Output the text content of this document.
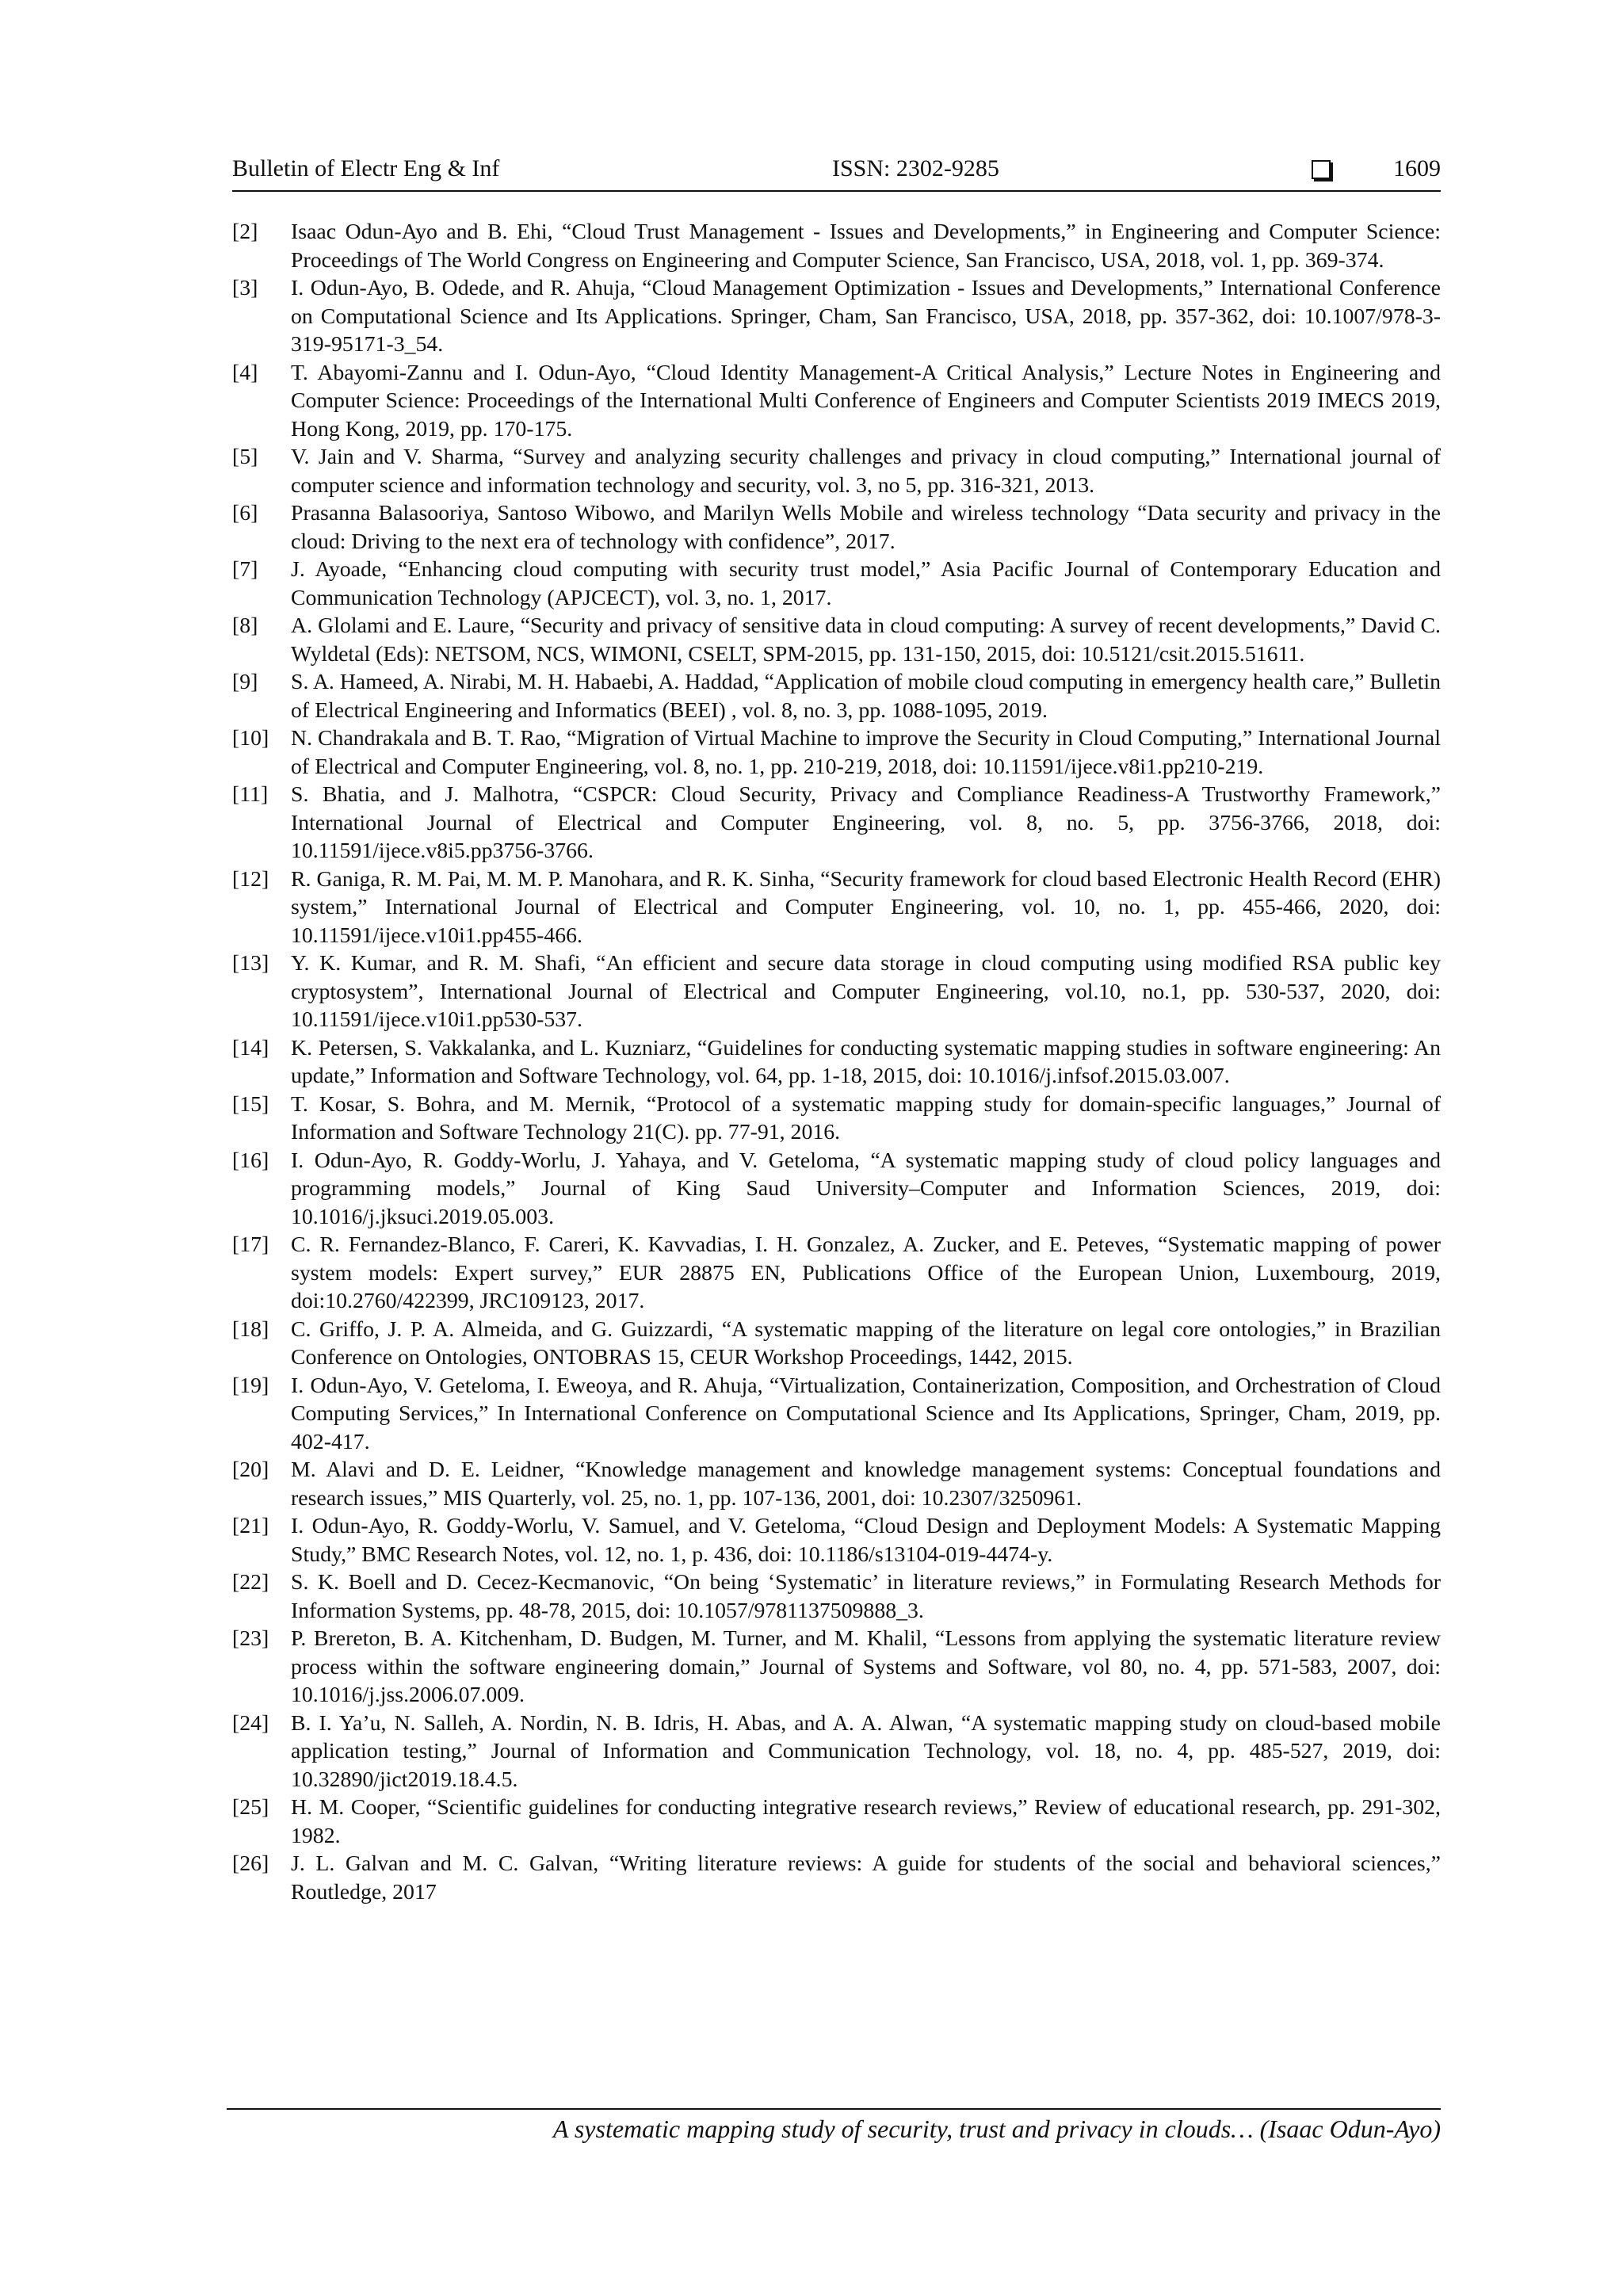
Bulletin of Electr Eng & Inf	ISSN: 2302-9285	1609
[2]	Isaac Odun-Ayo and B. Ehi, “Cloud Trust Management - Issues and Developments,” in Engineering and Computer Science: Proceedings of The World Congress on Engineering and Computer Science, San Francisco, USA, 2018, vol. 1, pp. 369-374.
[3]	I. Odun-Ayo, B. Odede, and R. Ahuja, “Cloud Management Optimization - Issues and Developments,” International Conference on Computational Science and Its Applications. Springer, Cham, San Francisco, USA, 2018, pp. 357-362, doi: 10.1007/978-3-319-95171-3_54.
[4]	T. Abayomi-Zannu and I. Odun-Ayo, “Cloud Identity Management-A Critical Analysis,” Lecture Notes in Engineering and Computer Science: Proceedings of the International Multi Conference of Engineers and Computer Scientists 2019 IMECS 2019, Hong Kong, 2019, pp. 170-175.
[5]	V. Jain and V. Sharma, “Survey and analyzing security challenges and privacy in cloud computing,” International journal of computer science and information technology and security, vol. 3, no 5, pp. 316-321, 2013.
[6]	Prasanna Balasooriya, Santoso Wibowo, and Marilyn Wells Mobile and wireless technology “Data security and privacy in the cloud: Driving to the next era of technology with confidence”, 2017.
[7]	J. Ayoade, “Enhancing cloud computing with security trust model,” Asia Pacific Journal of Contemporary Education and Communication Technology (APJCECT), vol. 3, no. 1, 2017.
[8]	A. Glolami and E. Laure, “Security and privacy of sensitive data in cloud computing: A survey of recent developments,” David C. Wyldetal (Eds): NETSOM, NCS, WIMONI, CSELT, SPM-2015, pp. 131-150, 2015, doi: 10.5121/csit.2015.51611.
[9]	S. A. Hameed, A. Nirabi, M. H. Habaebi, A. Haddad, “Application of mobile cloud computing in emergency health care,” Bulletin of Electrical Engineering and Informatics (BEEI) , vol. 8, no. 3, pp. 1088-1095, 2019.
[10] N. Chandrakala and B. T. Rao, “Migration of Virtual Machine to improve the Security in Cloud Computing,” International Journal of Electrical and Computer Engineering, vol. 8, no. 1, pp. 210-219, 2018, doi: 10.11591/ijece.v8i1.pp210-219.
[11]	S. Bhatia, and J. Malhotra, “CSPCR: Cloud Security, Privacy and Compliance Readiness-A Trustworthy Framework,” International Journal of Electrical and Computer Engineering, vol. 8, no. 5, pp. 3756-3766, 2018, doi: 10.11591/ijece.v8i5.pp3756-3766.
[12] R. Ganiga, R. M. Pai, M. M. P. Manohara, and R. K. Sinha, “Security framework for cloud based Electronic Health Record (EHR) system,” International Journal of Electrical and Computer Engineering, vol. 10, no. 1, pp. 455-466, 2020, doi: 10.11591/ijece.v10i1.pp455-466.
[13] Y. K. Kumar, and R. M. Shafi, “An efficient and secure data storage in cloud computing using modified RSA public key cryptosystem”, International Journal of Electrical and Computer Engineering, vol.10, no.1, pp. 530-537, 2020, doi: 10.11591/ijece.v10i1.pp530-537.
[14] K. Petersen, S. Vakkalanka, and L. Kuzniarz, “Guidelines for conducting systematic mapping studies in software engineering: An update,” Information and Software Technology, vol. 64, pp. 1-18, 2015, doi: 10.1016/j.infsof.2015.03.007.
[15] T. Kosar, S. Bohra, and M. Mernik, “Protocol of a systematic mapping study for domain-specific languages,” Journal of Information and Software Technology 21(C). pp. 77-91, 2016.
[16] I. Odun-Ayo, R. Goddy-Worlu, J. Yahaya, and V. Geteloma, “A systematic mapping study of cloud policy languages and programming models,” Journal of King Saud University–Computer and Information Sciences, 2019, doi: 10.1016/j.jksuci.2019.05.003.
[17] C. R. Fernandez-Blanco, F. Careri, K. Kavvadias, I. H. Gonzalez, A. Zucker, and E. Peteves, “Systematic mapping of power system models: Expert survey,” EUR 28875 EN, Publications Office of the European Union, Luxembourg, 2019, doi:10.2760/422399, JRC109123, 2017.
[18] C. Griffo, J. P. A. Almeida, and G. Guizzardi, “A systematic mapping of the literature on legal core ontologies,” in Brazilian Conference on Ontologies, ONTOBRAS 15, CEUR Workshop Proceedings, 1442, 2015.
[19] I. Odun-Ayo, V. Geteloma, I. Eweoya, and R. Ahuja, “Virtualization, Containerization, Composition, and Orchestration of Cloud Computing Services,” In International Conference on Computational Science and Its Applications, Springer, Cham, 2019, pp. 402-417.
[20] M. Alavi and D. E. Leidner, “Knowledge management and knowledge management systems: Conceptual foundations and research issues,” MIS Quarterly, vol. 25, no. 1, pp. 107-136, 2001, doi: 10.2307/3250961.
[21] I. Odun-Ayo, R. Goddy-Worlu, V. Samuel, and V. Geteloma, “Cloud Design and Deployment Models: A Systematic Mapping Study,” BMC Research Notes, vol. 12, no. 1, p. 436, doi: 10.1186/s13104-019-4474-y.
[22] S. K. Boell and D. Cecez-Kecmanovic, “On being ‘Systematic’ in literature reviews,” in Formulating Research Methods for Information Systems, pp. 48-78, 2015, doi: 10.1057/9781137509888_3.
[23] P. Brereton, B. A. Kitchenham, D. Budgen, M. Turner, and M. Khalil, “Lessons from applying the systematic literature review process within the software engineering domain,” Journal of Systems and Software, vol 80, no. 4, pp. 571-583, 2007, doi: 10.1016/j.jss.2006.07.009.
[24] B. I. Ya’u, N. Salleh, A. Nordin, N. B. Idris, H. Abas, and A. A. Alwan, “A systematic mapping study on cloud-based mobile application testing,” Journal of Information and Communication Technology, vol. 18, no. 4, pp. 485-527, 2019, doi: 10.32890/jict2019.18.4.5.
[25] H. M. Cooper, “Scientific guidelines for conducting integrative research reviews,” Review of educational research, pp. 291-302, 1982.
[26] J. L. Galvan and M. C. Galvan, “Writing literature reviews: A guide for students of the social and behavioral sciences,” Routledge, 2017
A systematic mapping study of security, trust and privacy in clouds… (Isaac Odun-Ayo)
